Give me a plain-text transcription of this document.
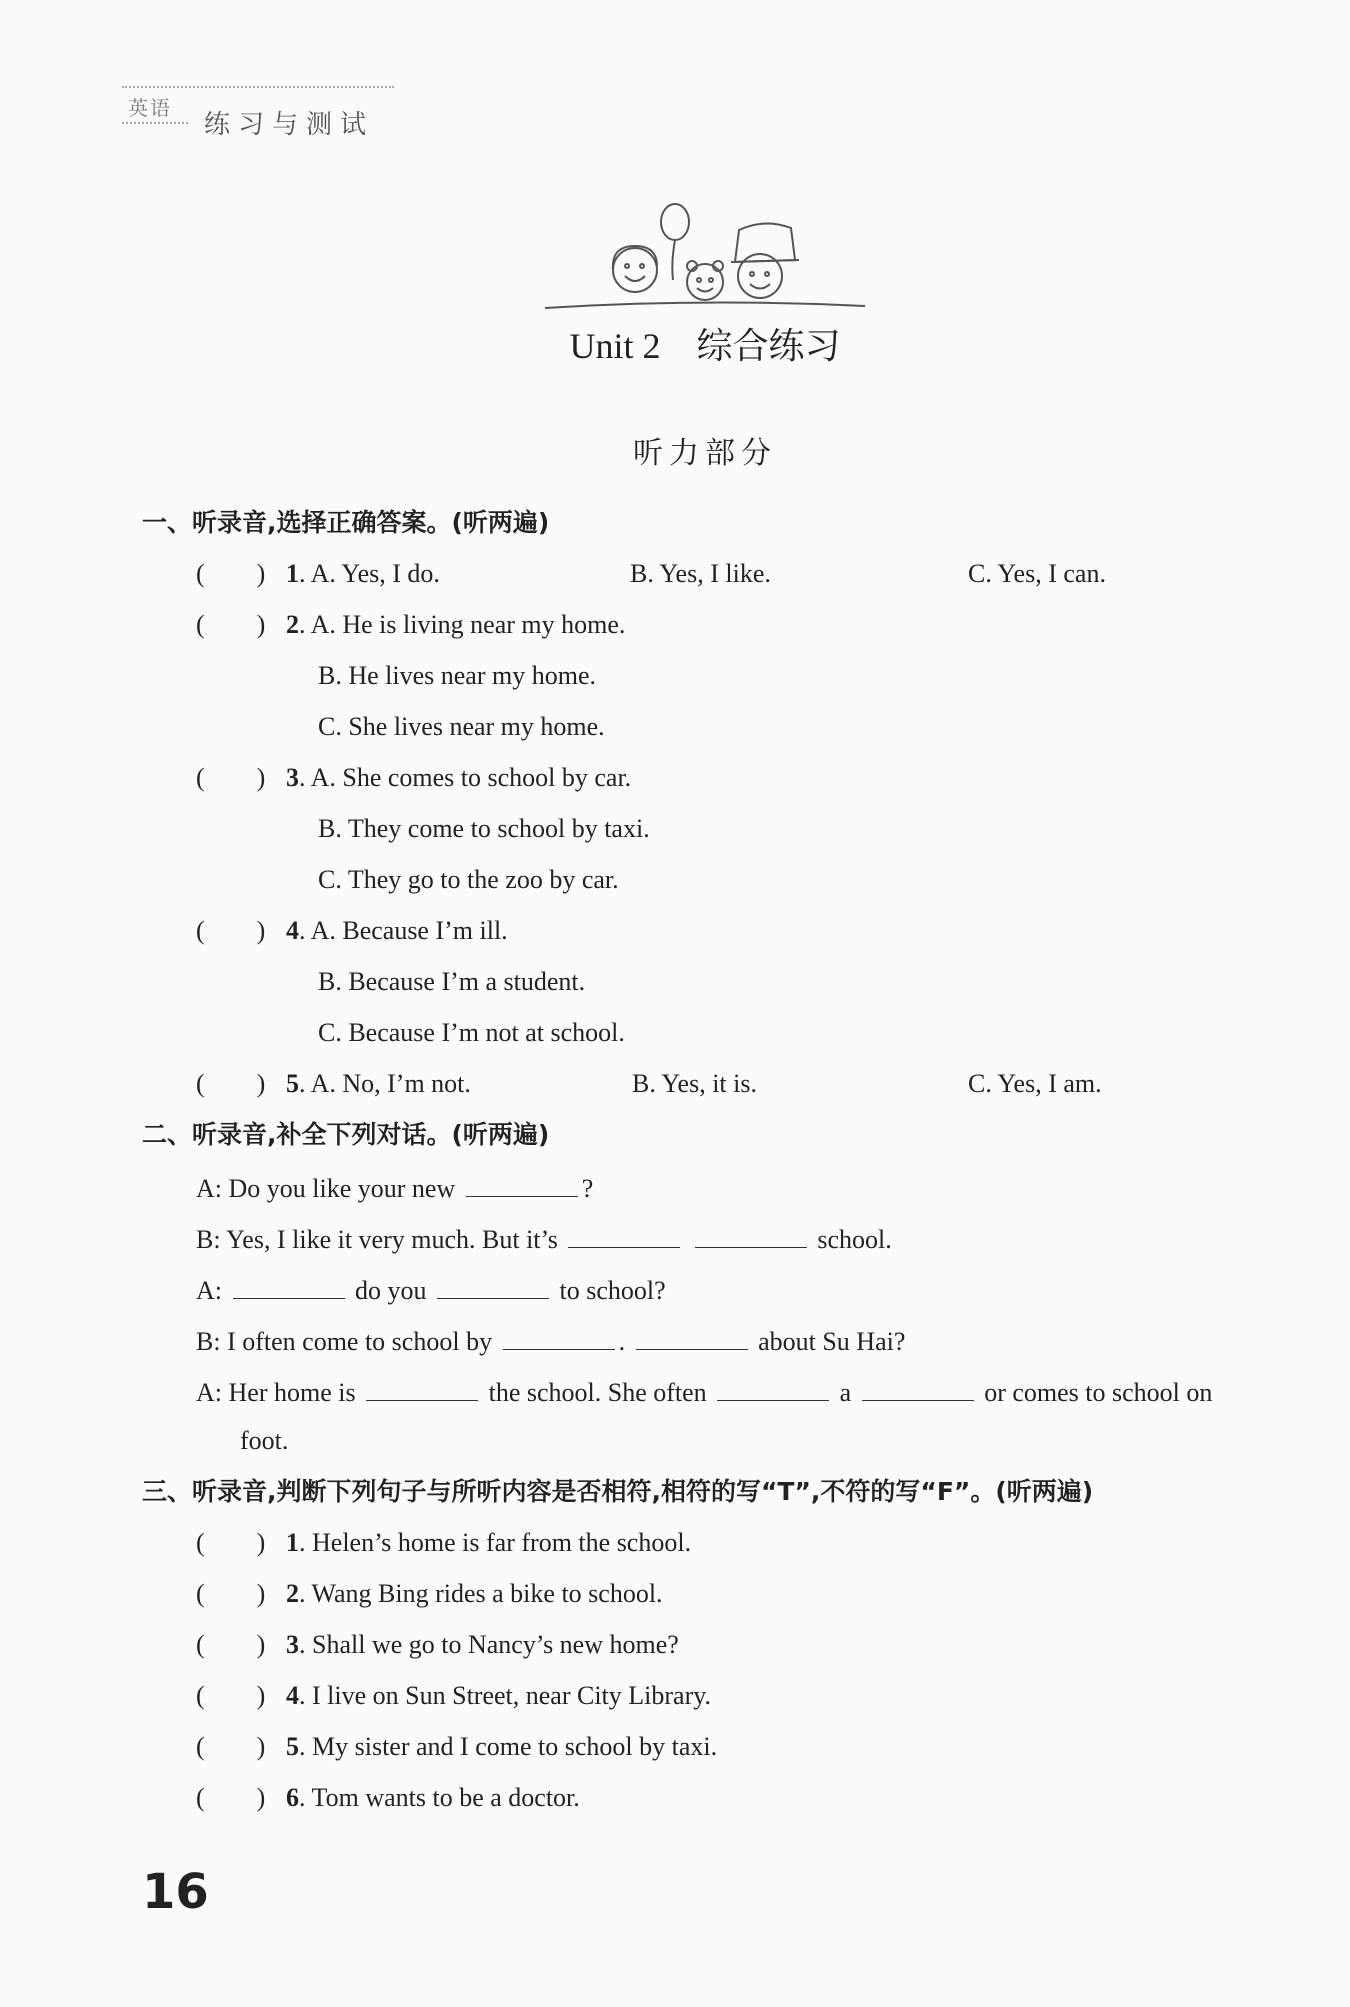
英语
练习与测试
Unit 2　综合练习
听力部分
一、听录音,选择正确答案。(听两遍)
(　　) 1. A. Yes, I do.	B. Yes, I like.	C. Yes, I can.
(　　) 2. A. He is living near my home.
B. He lives near my home.
C. She lives near my home.
(　　) 3. A. She comes to school by car.
B. They come to school by taxi.
C. They go to the zoo by car.
(　　) 4. A. Because I’m ill.
B. Because I’m a student.
C. Because I’m not at school.
(　　) 5. A. No, I’m not.	B. Yes, it is.	C. Yes, I am.
二、听录音,补全下列对话。(听两遍)
A: Do you like your new	?
B: Yes, I like it very much. But it’s	school.
A:	do you	to school?
B: I often come to school by	.	about Su Hai?
A: Her home is	the school. She often	a	or comes to school on
foot.
三、听录音,判断下列句子与所听内容是否相符,相符的写“T”,不符的写“F”。(听两遍)
(　　) 1. Helen’s home is far from the school.
(　　) 2. Wang Bing rides a bike to school.
(　　) 3. Shall we go to Nancy’s new home?
(　　) 4. I live on Sun Street, near City Library.
(　　) 5. My sister and I come to school by taxi.
(　　) 6. Tom wants to be a doctor.
16
